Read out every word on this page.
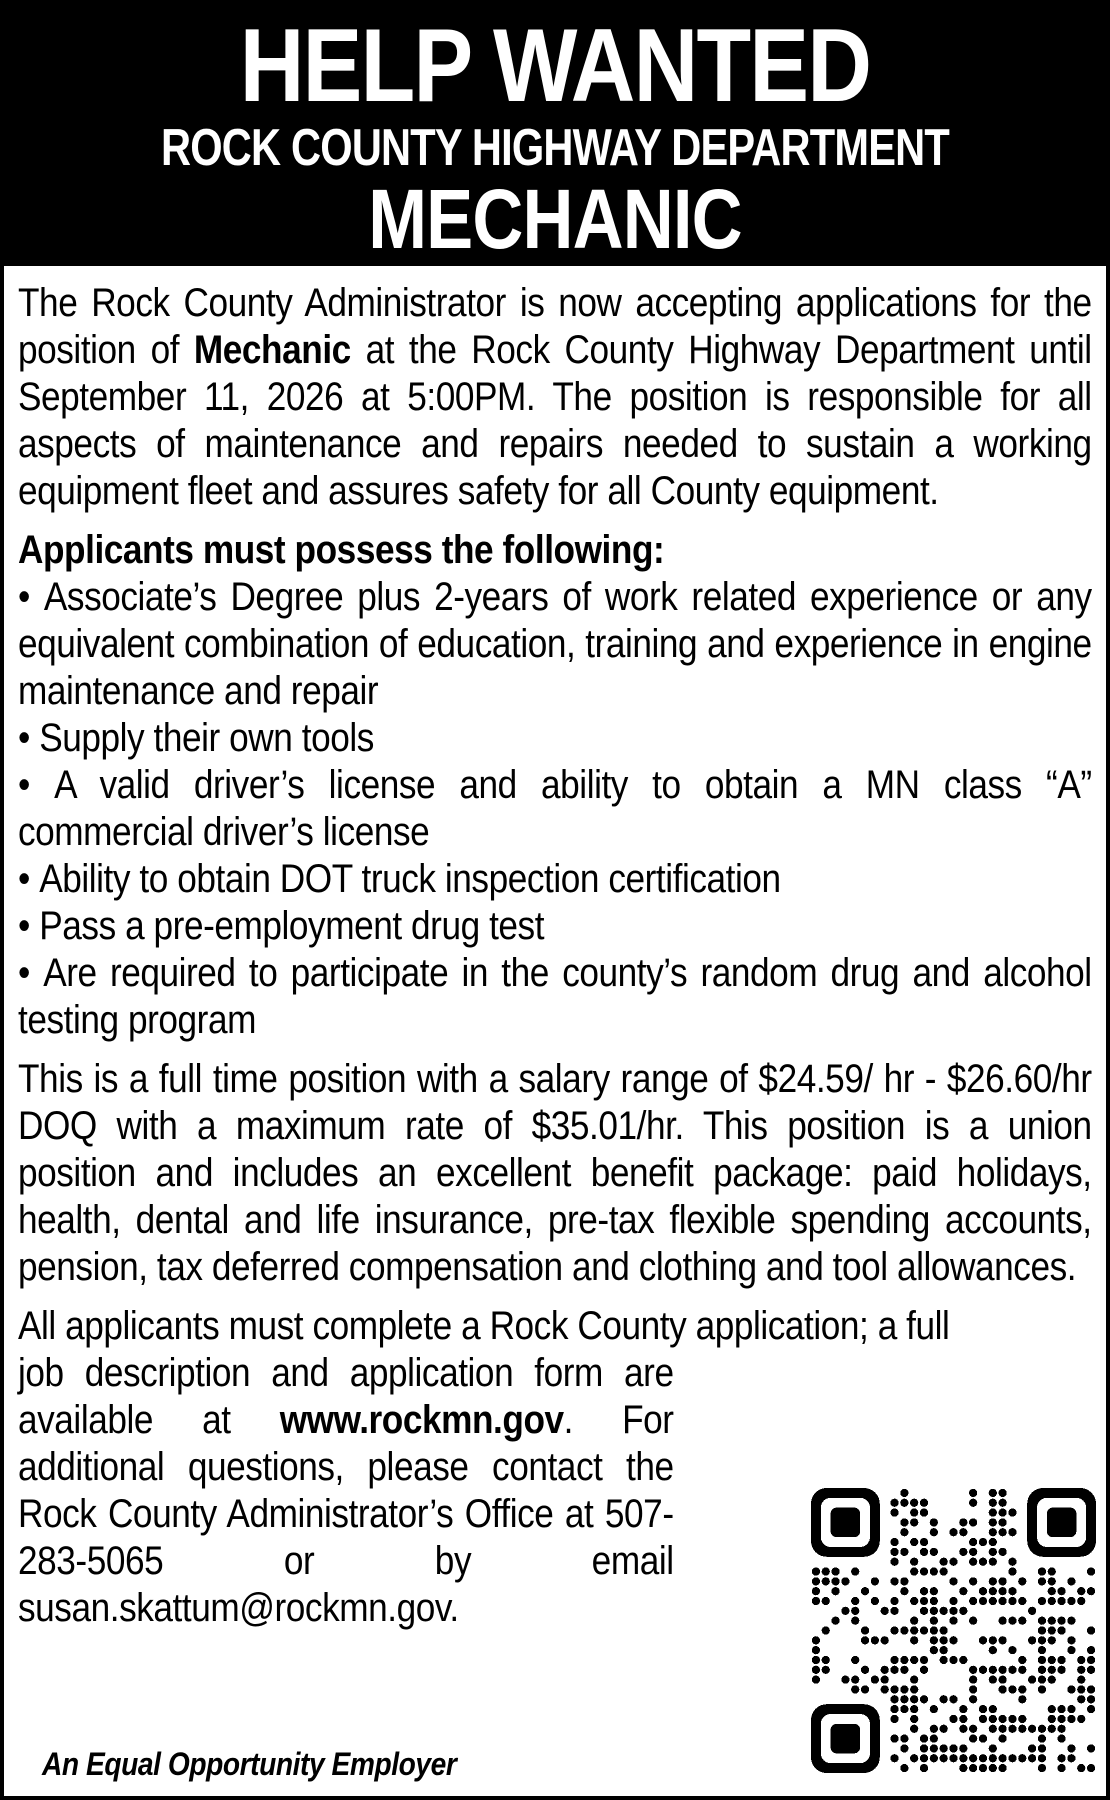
HELP WANTED
ROCK COUNTY HIGHWAY DEPARTMENT
MECHANIC

The Rock County Administrator is now accepting applications for the position of Mechanic at the Rock County Highway Department until September 11, 2026 at 5:00PM. The position is responsible for all aspects of maintenance and repairs needed to sustain a working equipment fleet and assures safety for all County equipment.

Applicants must possess the following:
• Associate’s Degree plus 2-years of work related experience or any equivalent combination of education, training and experience in engine maintenance and repair
• Supply their own tools
• A valid driver’s license and ability to obtain a MN class “A” commercial driver’s license
• Ability to obtain DOT truck inspection certification
• Pass a pre-employment drug test
• Are required to participate in the county’s random drug and alcohol testing program

This is a full time position with a salary range of $24.59/ hr - $26.60/hr DOQ with a maximum rate of $35.01/hr. This position is a union position and includes an excellent benefit package: paid holidays, health, dental and life insurance, pre-tax flexible spending accounts, pension, tax deferred compensation and clothing and tool allowances.

All applicants must complete a Rock County application; a full
job description and application form are available at www.rockmn.gov. For additional questions, please contact the Rock County Administrator’s Office at 507-283-5065 or by email susan.skattum@rockmn.gov.
An Equal Opportunity Employer
